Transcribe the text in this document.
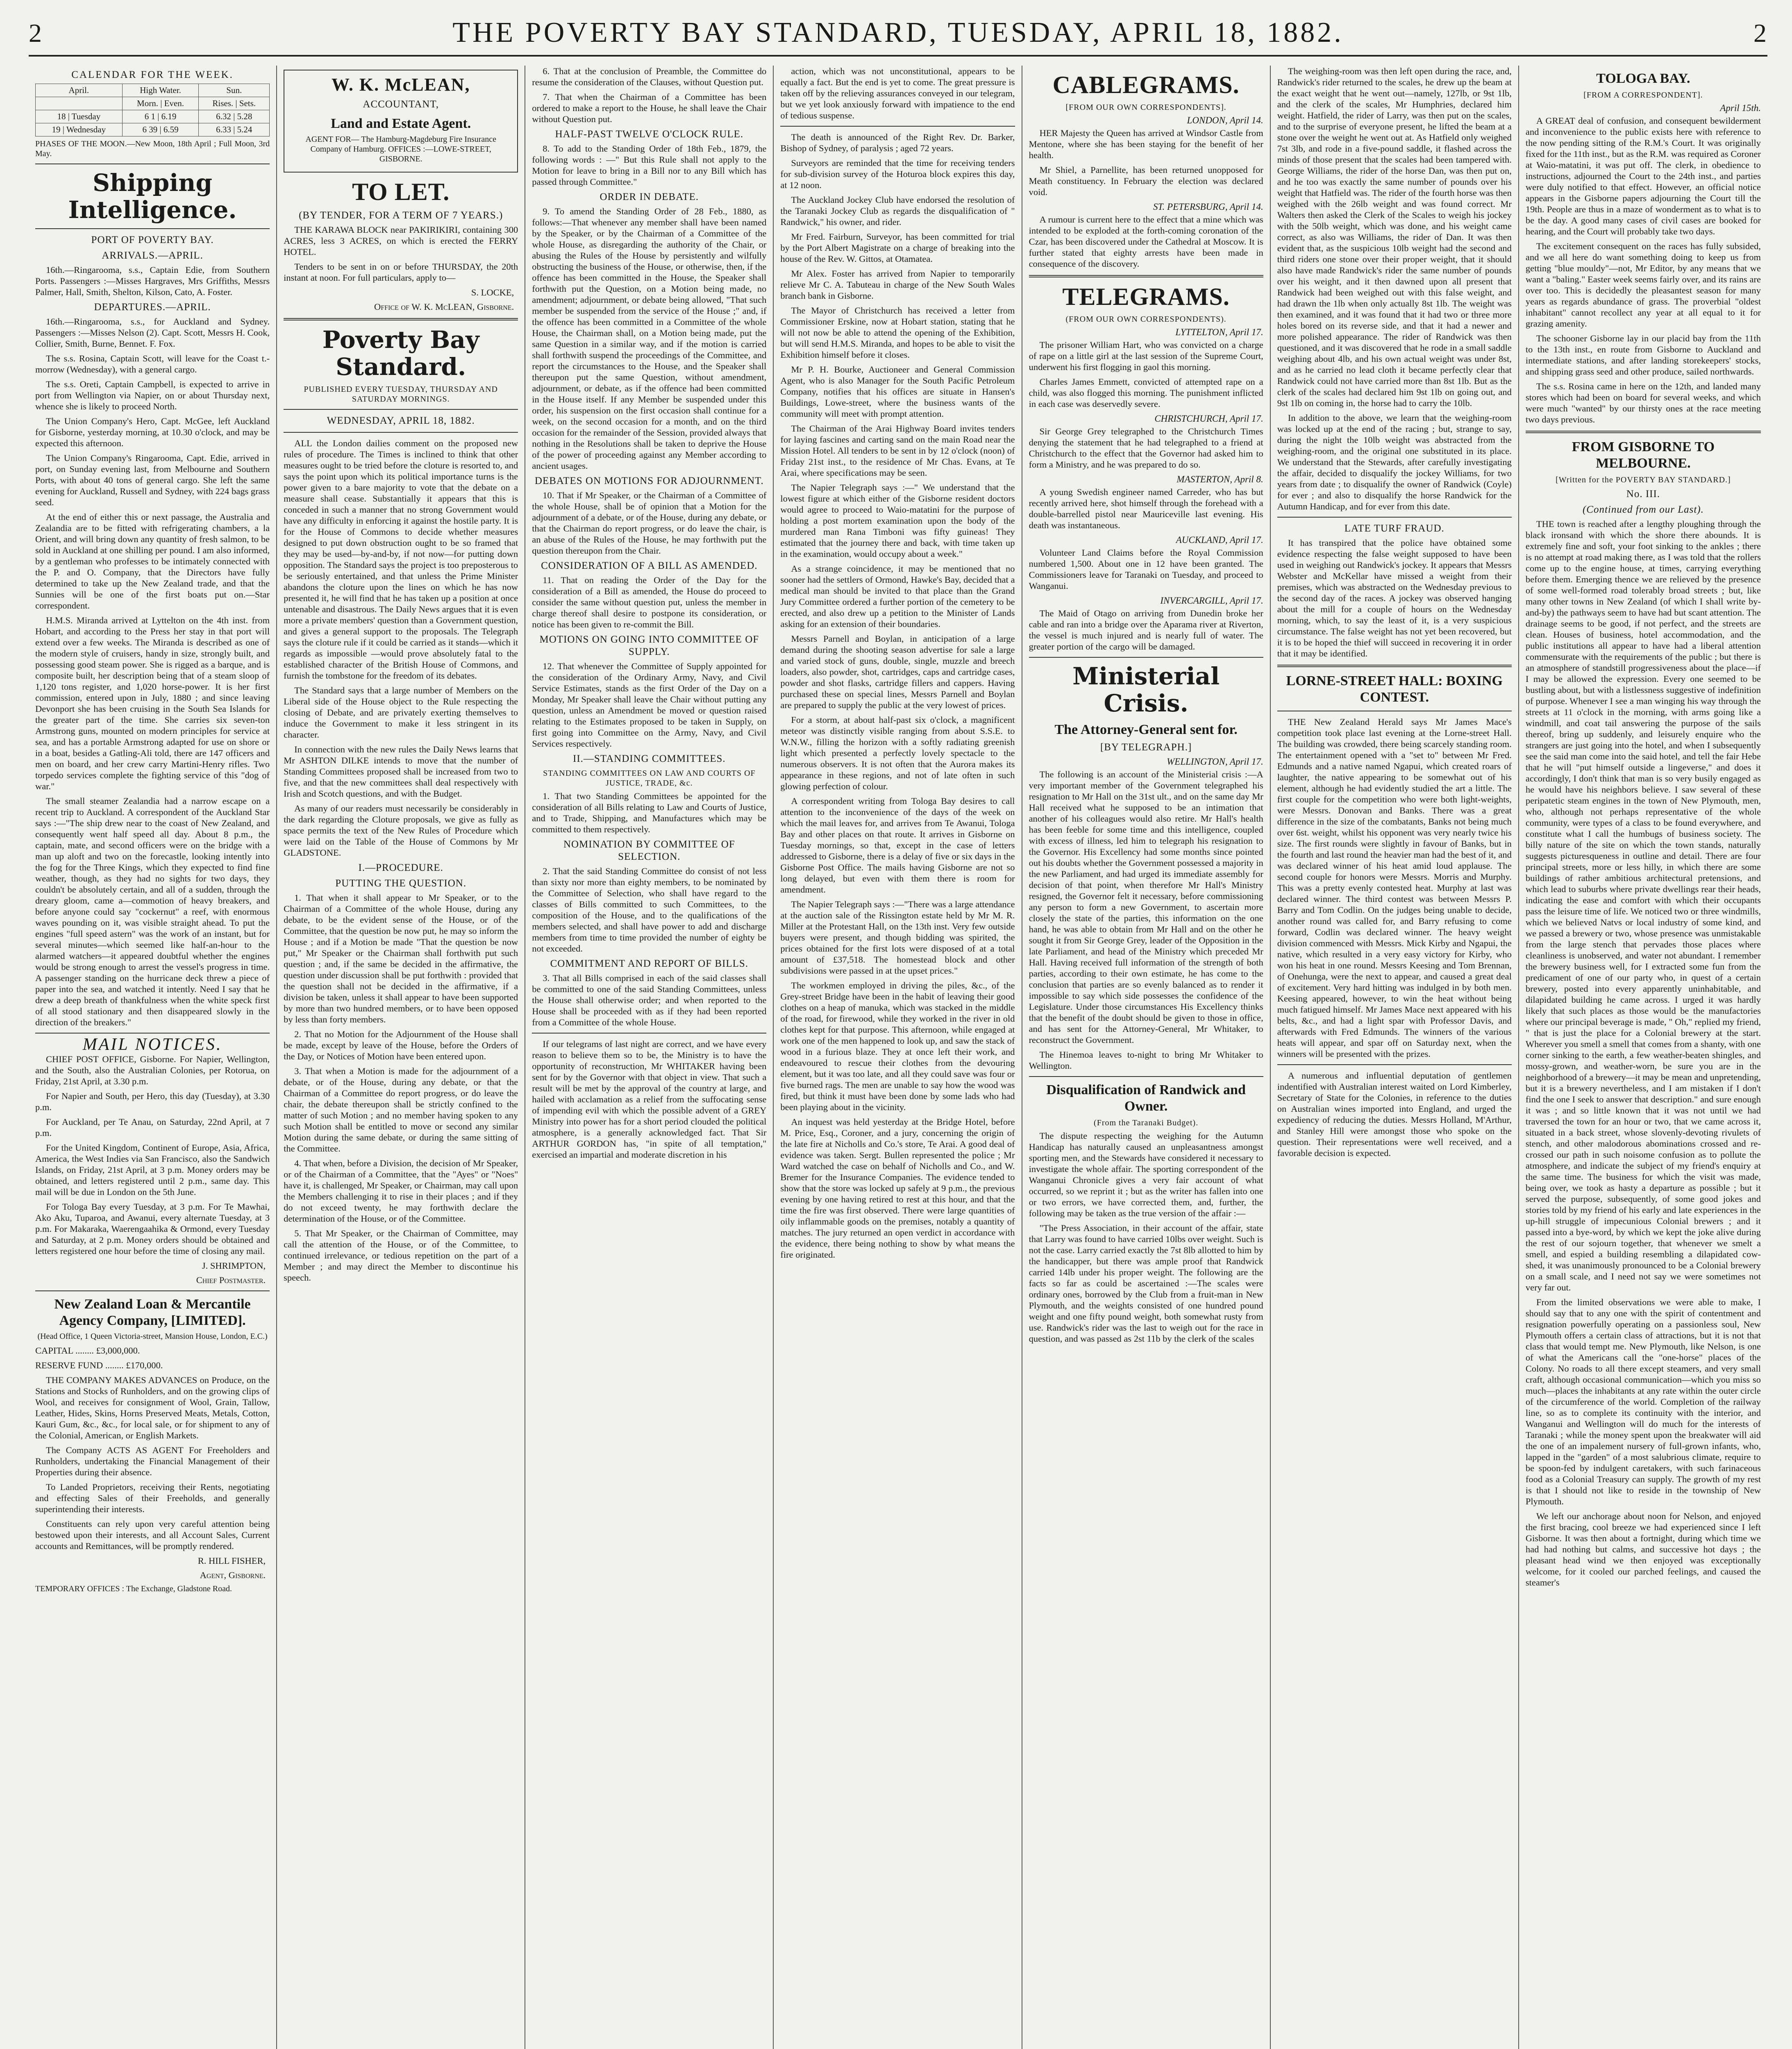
2	THE POVERTY BAY STANDARD, TUESDAY, APRIL 18, 1882.	2
CALENDAR FOR THE WEEK.
April.	High Water.	Sun.
	Morn. | Even.	Rises. | Sets.
18 | Tuesday	6 1 | 6.19	6.32 | 5.28
19 | Wednesday	6 39 | 6.59	6.33 | 5.24

PHASES OF THE MOON.—New Moon, 18th April ; Full Moon, 3rd May.

Shipping Intelligence.
PORT OF POVERTY BAY.
ARRIVALS.—APRIL.

16th.—Ringarooma, s.s., Captain Edie, from Southern Ports. Passengers :—Misses Hargraves, Mrs Griffiths, Messrs Palmer, Hall, Smith, Shelton, Kilson, Cato, A. Foster.

DEPARTURES.—APRIL.

16th.—Ringarooma, s.s., for Auckland and Sydney. Passengers :—Misses Nelson (2). Capt. Scott, Messrs H. Cook, Collier, Smith, Burne, Bennet. F. Fox.

The s.s. Rosina, Captain Scott, will leave for the Coast t.-morrow (Wednesday), with a general cargo.

The s.s. Oreti, Captain Campbell, is expected to arrive in port from Wellington via Napier, on or about Thursday next, whence she is likely to proceed North.

The Union Company's Hero, Capt. McGee, left Auckland for Gisborne, yesterday morning, at 10.30 o'clock, and may be expected this afternoon.

The Union Company's Ringarooma, Capt. Edie, arrived in port, on Sunday evening last, from Melbourne and Southern Ports, with about 40 tons of general cargo. She left the same evening for Auckland, Russell and Sydney, with 224 bags grass seed.

At the end of either this or next passage, the Australia and Zealandia are to be fitted with refrigerating chambers, a la Orient, and will bring down any quantity of fresh salmon, to be sold in Auckland at one shilling per pound. I am also informed, by a gentleman who professes to be intimately connected with the P. and O. Company, that the Directors have fully determined to take up the New Zealand trade, and that the Sunnies will be one of the first boats put on.—Star correspondent.

H.M.S. Miranda arrived at Lyttelton on the 4th inst. from Hobart, and according to the Press her stay in that port will extend over a few weeks. The Miranda is described as one of the modern style of cruisers, handy in size, strongly built, and possessing good steam power. She is rigged as a barque, and is composite built, her description being that of a steam sloop of 1,120 tons register, and 1,020 horse-power. It is her first commission, entered upon in July, 1880 ; and since leaving Devonport she has been cruising in the South Sea Islands for the greater part of the time. She carries six seven-ton Armstrong guns, mounted on modern principles for service at sea, and has a portable Armstrong adapted for use on shore or in a boat, besides a Gatling-Ali told, there are 147 officers and men on board, and her crew carry Martini-Henry rifles. Two torpedo services complete the fighting service of this "dog of war."

The small steamer Zealandia had a narrow escape on a recent trip to Auckland. A correspondent of the Auckland Star says :—"The ship drew near to the coast of New Zealand, and consequently went half speed all day. About 8 p.m., the captain, mate, and second officers were on the bridge with a man up aloft and two on the forecastle, looking intently into the fog for the Three Kings, which they expected to find fine weather, though, as they had no sights for two days, they couldn't be absolutely certain, and all of a sudden, through the dreary gloom, came a—commotion of heavy breakers, and before anyone could say "cockernut" a reef, with enormous waves pounding on it, was visible straight ahead. To put the engines "full speed astern" was the work of an instant, but for several minutes—which seemed like half-an-hour to the alarmed watchers—it appeared doubtful whether the engines would be strong enough to arrest the vessel's progress in time. A passenger standing on the hurricane deck threw a piece of paper into the sea, and watched it intently. Need I say that he drew a deep breath of thankfulness when the white speck first of all stood stationary and then disappeared slowly in the direction of the breakers."

MAIL NOTICES.

CHIEF POST OFFICE, Gisborne. For Napier, Wellington, and the South, also the Australian Colonies, per Rotorua, on Friday, 21st April, at 3.30 p.m.

For Napier and South, per Hero, this day (Tuesday), at 3.30 p.m.

For Auckland, per Te Anau, on Saturday, 22nd April, at 7 p.m.

For the United Kingdom, Continent of Europe, Asia, Africa, America, the West Indies via San Francisco, also the Sandwich Islands, on Friday, 21st April, at 3 p.m. Money orders may be obtained, and letters registered until 2 p.m., same day. This mail will be due in London on the 5th June.

For Tologa Bay every Tuesday, at 3 p.m. For Te Mawhai, Ako Aku, Tuparoa, and Awanui, every alternate Tuesday, at 3 p.m. For Makaraka, Waerengaahika & Ormond, every Tuesday and Saturday, at 2 p.m. Money orders should be obtained and letters registered one hour before the time of closing any mail.

J. SHRIMPTON,
Chief Postmaster.
New Zealand Loan & Mercantile Agency Company, [LIMITED].

(Head Office, 1 Queen Victoria-street, Mansion House, London, E.C.)

CAPITAL ........ £3,000,000.

RESERVE FUND ........ £170,000.

THE COMPANY MAKES ADVANCES on Produce, on the Stations and Stocks of Runholders, and on the growing clips of Wool, and receives for consignment of Wool, Grain, Tallow, Leather, Hides, Skins, Horns Preserved Meats, Metals, Cotton, Kauri Gum, &c., &c., for local sale, or for shipment to any of the Colonial, American, or English Markets.

The Company ACTS AS AGENT For Freeholders and Runholders, undertaking the Financial Management of their Properties during their absence.

To Landed Proprietors, receiving their Rents, negotiating and effecting Sales of their Freeholds, and generally superintending their interests.

Constituents can rely upon very careful attention being bestowed upon their interests, and all Account Sales, Current accounts and Remittances, will be promptly rendered.

R. HILL FISHER,
Agent, Gisborne.

TEMPORARY OFFICES : The Exchange, Gladstone Road.

W. K. McLEAN,
ACCOUNTANT,
Land and Estate Agent.

AGENT FOR— The Hamburg-Magdeburg Fire Insurance Company of Hamburg. OFFICES :—LOWE-STREET, GISBORNE.

TO LET.
(BY TENDER, FOR A TERM OF 7 YEARS.)

THE KARAWA BLOCK near PAKIRIKIRI, containing 300 ACRES, less 3 ACRES, on which is erected the FERRY HOTEL.

Tenders to be sent in on or before THURSDAY, the 20th instant at noon. For full particulars, apply to—

S. LOCKE,
Office of W. K. McLEAN, Gisborne.
Poverty Bay Standard.
PUBLISHED EVERY TUESDAY, THURSDAY AND SATURDAY MORNINGS.
WEDNESDAY, APRIL 18, 1882.

ALL the London dailies comment on the proposed new rules of procedure. The Times is inclined to think that other measures ought to be tried before the cloture is resorted to, and says the point upon which its political importance turns is the power given to a bare majority to vote that the debate on a measure shall cease. Substantially it appears that this is conceded in such a manner that no strong Government would have any difficulty in enforcing it against the hostile party. It is for the House of Commons to decide whether measures designed to put down obstruction ought to be so framed that they may be used—by-and-by, if not now—for putting down opposition. The Standard says the project is too preposterous to be seriously entertained, and that unless the Prime Minister abandons the cloture upon the lines on which he has now presented it, he will find that he has taken up a position at once untenable and disastrous. The Daily News argues that it is even more a private members' question than a Government question, and gives a general support to the proposals. The Telegraph says the cloture rule if it could be carried as it stands—which it regards as impossible —would prove absolutely fatal to the established character of the British House of Commons, and furnish the tombstone for the freedom of its debates.

The Standard says that a large number of Members on the Liberal side of the House object to the Rule respecting the closing of Debate, and are privately exerting themselves to induce the Government to make it less stringent in its character.

In connection with the new rules the Daily News learns that Mr ASHTON DILKE intends to move that the number of Standing Committees proposed shall be increased from two to five, and that the new committees shall deal respectively with Irish and Scotch questions, and with the Budget.

As many of our readers must necessarily be considerably in the dark regarding the Cloture proposals, we give as fully as space permits the text of the New Rules of Procedure which were laid on the Table of the House of Commons by Mr GLADSTONE.

I.—PROCEDURE.
PUTTING THE QUESTION.

1. That when it shall appear to Mr Speaker, or to the Chairman of a Committee of the whole House, during any debate, to be the evident sense of the House, or of the Committee, that the question be now put, he may so inform the House ; and if a Motion be made "That the question be now put," Mr Speaker or the Chairman shall forthwith put such question ; and, if the same be decided in the affirmative, the question under discussion shall be put forthwith : provided that the question shall not be decided in the affirmative, if a division be taken, unless it shall appear to have been supported by more than two hundred members, or to have been opposed by less than forty members.

2. That no Motion for the Adjournment of the House shall be made, except by leave of the House, before the Orders of the Day, or Notices of Motion have been entered upon.

3. That when a Motion is made for the adjournment of a debate, or of the House, during any debate, or that the Chairman of a Committee do report progress, or do leave the chair, the debate thereupon shall be strictly confined to the matter of such Motion ; and no member having spoken to any such Motion shall be entitled to move or second any similar Motion during the same debate, or during the same sitting of the Committee.

4. That when, before a Division, the decision of Mr Speaker, or of the Chairman of a Committee, that the "Ayes" or "Noes" have it, is challenged, Mr Speaker, or Chairman, may call upon the Members challenging it to rise in their places ; and if they do not exceed twenty, he may forthwith declare the determination of the House, or of the Committee.

5. That Mr Speaker, or the Chairman of Committee, may call the attention of the House, or of the Committee, to continued irrelevance, or tedious repetition on the part of a Member ; and may direct the Member to discontinue his speech.

6. That at the conclusion of Preamble, the Committee do resume the consideration of the Clauses, without Question put.

7. That when the Chairman of a Committee has been ordered to make a report to the House, he shall leave the Chair without Question put.

HALF-PAST TWELVE O'CLOCK RULE.

8. To add to the Standing Order of 18th Feb., 1879, the following words : —" But this Rule shall not apply to the Motion for leave to bring in a Bill nor to any Bill which has passed through Committee."

ORDER IN DEBATE.

9. To amend the Standing Order of 28 Feb., 1880, as follows:—That whenever any member shall have been named by the Speaker, or by the Chairman of a Committee of the whole House, as disregarding the authority of the Chair, or abusing the Rules of the House by persistently and wilfully obstructing the business of the House, or otherwise, then, if the offence has been committed in the House, the Speaker shall forthwith put the Question, on a Motion being made, no amendment; adjournment, or debate being allowed, "That such member be suspended from the service of the House ;" and, if the offence has been committed in a Committee of the whole House, the Chairman shall, on a Motion being made, put the same Question in a similar way, and if the motion is carried shall forthwith suspend the proceedings of the Committee, and report the circumstances to the House, and the Speaker shall thereupon put the same Question, without amendment, adjournment, or debate, as if the offence had been committed in the House itself. If any Member be suspended under this order, his suspension on the first occasion shall continue for a week, on the second occasion for a month, and on the third occasion for the remainder of the Session, provided always that nothing in the Resolutions shall be taken to deprive the House of the power of proceeding against any Member according to ancient usages.

DEBATES ON MOTIONS FOR ADJOURNMENT.

10. That if Mr Speaker, or the Chairman of a Committee of the whole House, shall be of opinion that a Motion for the adjournment of a debate, or of the House, during any debate, or that the Chairman do report progress, or do leave the chair, is an abuse of the Rules of the House, he may forthwith put the question thereupon from the Chair.

CONSIDERATION OF A BILL AS AMENDED.

11. That on reading the Order of the Day for the consideration of a Bill as amended, the House do proceed to consider the same without question put, unless the member in charge thereof shall desire to postpone its consideration, or notice has been given to re-commit the Bill.

MOTIONS ON GOING INTO COMMITTEE OF SUPPLY.

12. That whenever the Committee of Supply appointed for the consideration of the Ordinary Army, Navy, and Civil Service Estimates, stands as the first Order of the Day on a Monday, Mr Speaker shall leave the Chair without putting any question, unless an Amendment be moved or question raised relating to the Estimates proposed to be taken in Supply, on first going into Committee on the Army, Navy, and Civil Services respectively.

II.—STANDING COMMITTEES.
STANDING COMMITTEES ON LAW AND COURTS OF JUSTICE, TRADE, &c.

1. That two Standing Committees be appointed for the consideration of all Bills relating to Law and Courts of Justice, and to Trade, Shipping, and Manufactures which may be committed to them respectively.

NOMINATION BY COMMITTEE OF SELECTION.

2. That the said Standing Committee do consist of not less than sixty nor more than eighty members, to be nominated by the Committee of Selection, who shall have regard to the classes of Bills committed to such Committees, to the composition of the House, and to the qualifications of the members selected, and shall have power to add and discharge members from time to time provided the number of eighty be not exceeded.

COMMITMENT AND REPORT OF BILLS.

3. That all Bills comprised in each of the said classes shall be committed to one of the said Standing Committees, unless the House shall otherwise order; and when reported to the House shall be proceeded with as if they had been reported from a Committee of the whole House.

If our telegrams of last night are correct, and we have every reason to believe them so to be, the Ministry is to have the opportunity of reconstruction, Mr WHITAKER having been sent for by the Governor with that object in view. That such a result will be met by the approval of the country at large, and hailed with acclamation as a relief from the suffocating sense of impending evil with which the possible advent of a GREY Ministry into power has for a short period clouded the political atmosphere, is a generally acknowledged fact. That Sir ARTHUR GORDON has, "in spite of all temptation," exercised an impartial and moderate discretion in his

action, which was not unconstitutional, appears to be equally a fact. But the end is yet to come. The great pressure is taken off by the relieving assurances conveyed in our telegram, but we yet look anxiously forward with impatience to the end of tedious suspense.

The death is announced of the Right Rev. Dr. Barker, Bishop of Sydney, of paralysis ; aged 72 years.

Surveyors are reminded that the time for receiving tenders for sub-division survey of the Hoturoa block expires this day, at 12 noon.

The Auckland Jockey Club have endorsed the resolution of the Taranaki Jockey Club as regards the disqualification of " Randwick," his owner, and rider.

Mr Fred. Fairburn, Surveyor, has been committed for trial by the Port Albert Magistrate on a charge of breaking into the house of the Rev. W. Gittos, at Otamatea.

Mr Alex. Foster has arrived from Napier to temporarily relieve Mr C. A. Tabuteau in charge of the New South Wales branch bank in Gisborne.

The Mayor of Christchurch has received a letter from Commissioner Erskine, now at Hobart station, stating that he will not now be able to attend the opening of the Exhibition, but will send H.M.S. Miranda, and hopes to be able to visit the Exhibition himself before it closes.

Mr P. H. Bourke, Auctioneer and General Commission Agent, who is also Manager for the South Pacific Petroleum Company, notifies that his offices are situate in Hansen's Buildings, Lowe-street, where the business wants of the community will meet with prompt attention.

The Chairman of the Arai Highway Board invites tenders for laying fascines and carting sand on the main Road near the Mission Hotel. All tenders to be sent in by 12 o'clock (noon) of Friday 21st inst., to the residence of Mr Chas. Evans, at Te Arai, where specifications may be seen.

The Napier Telegraph says :—" We understand that the lowest figure at which either of the Gisborne resident doctors would agree to proceed to Waio-matatini for the purpose of holding a post mortem examination upon the body of the murdered man Rana Timboni was fifty guineas! They estimated that the journey there and back, with time taken up in the examination, would occupy about a week."

As a strange coincidence, it may be mentioned that no sooner had the settlers of Ormond, Hawke's Bay, decided that a medical man should be invited to that place than the Grand Jury Committee ordered a further portion of the cemetery to be erected, and also drew up a petition to the Minister of Lands asking for an extension of their boundaries.

Messrs Parnell and Boylan, in anticipation of a large demand during the shooting season advertise for sale a large and varied stock of guns, double, single, muzzle and breech loaders, also powder, shot, cartridges, caps and cartridge cases, powder and shot flasks, cartridge fillers and cappers. Having purchased these on special lines, Messrs Parnell and Boylan are prepared to supply the public at the very lowest of prices.

For a storm, at about half-past six o'clock, a magnificent meteor was distinctly visible ranging from about S.S.E. to W.N.W., filling the horizon with a softly radiating greenish light which presented a perfectly lovely spectacle to the numerous observers. It is not often that the Aurora makes its appearance in these regions, and not of late often in such glowing perfection of colour.

A correspondent writing from Tologa Bay desires to call attention to the inconvenience of the days of the week on which the mail leaves for, and arrives from Te Awanui, Tologa Bay and other places on that route. It arrives in Gisborne on Tuesday mornings, so that, except in the case of letters addressed to Gisborne, there is a delay of five or six days in the Gisborne Post Office. The mails having Gisborne are not so long delayed, but even with them there is room for amendment.

The Napier Telegraph says :—"There was a large attendance at the auction sale of the Rissington estate held by Mr M. R. Miller at the Protestant Hall, on the 13th inst. Very few outside buyers were present, and though bidding was spirited, the prices obtained for the first lots were disposed of at a total amount of £37,518. The homestead block and other subdivisions were passed in at the upset prices."

The workmen employed in driving the piles, &c., of the Grey-street Bridge have been in the habit of leaving their good clothes on a heap of manuka, which was stacked in the middle of the road, for firewood, while they worked in the river in old clothes kept for that purpose. This afternoon, while engaged at work one of the men happened to look up, and saw the stack of wood in a furious blaze. They at once left their work, and endeavoured to rescue their clothes from the devouring element, but it was too late, and all they could save was four or five burned rags. The men are unable to say how the wood was fired, but think it must have been done by some lads who had been playing about in the vicinity.

An inquest was held yesterday at the Bridge Hotel, before M. Price, Esq., Coroner, and a jury, concerning the origin of the late fire at Nicholls and Co.'s store, Te Arai. A good deal of evidence was taken. Sergt. Bullen represented the police ; Mr Ward watched the case on behalf of Nicholls and Co., and W. Bremer for the Insurance Companies. The evidence tended to show that the store was locked up safely at 9 p.m., the previous evening by one having retired to rest at this hour, and that the time the fire was first observed. There were large quantities of oily inflammable goods on the premises, notably a quantity of matches. The jury returned an open verdict in accordance with the evidence, there being nothing to show by what means the fire originated.

CABLEGRAMS.
[FROM OUR OWN CORRESPONDENTS].
LONDON, April 14.

HER Majesty the Queen has arrived at Windsor Castle from Mentone, where she has been staying for the benefit of her health.

Mr Shiel, a Parnellite, has been returned unopposed for Meath constituency. In February the election was declared void.

ST. PETERSBURG, April 14.

A rumour is current here to the effect that a mine which was intended to be exploded at the forth-coming coronation of the Czar, has been discovered under the Cathedral at Moscow. It is further stated that eighty arrests have been made in consequence of the discovery.

TELEGRAMS.
(FROM OUR OWN CORRESPONDENTS).
LYTTELTON, April 17.

The prisoner William Hart, who was convicted on a charge of rape on a little girl at the last session of the Supreme Court, underwent his first flogging in gaol this morning.

Charles James Emmett, convicted of attempted rape on a child, was also flogged this morning. The punishment inflicted in each case was deservedly severe.

CHRISTCHURCH, April 17.

Sir George Grey telegraphed to the Christchurch Times denying the statement that he had telegraphed to a friend at Christchurch to the effect that the Governor had asked him to form a Ministry, and he was prepared to do so.

MASTERTON, April 8.

A young Swedish engineer named Carreder, who has but recently arrived here, shot himself through the forehead with a double-barrelled pistol near Mauriceville last evening. His death was instantaneous.

AUCKLAND, April 17.

Volunteer Land Claims before the Royal Commission numbered 1,500. About one in 12 have been granted. The Commissioners leave for Taranaki on Tuesday, and proceed to Wanganui.

INVERCARGILL, April 17.

The Maid of Otago on arriving from Dunedin broke her cable and ran into a bridge over the Aparama river at Riverton, the vessel is much injured and is nearly full of water. The greater portion of the cargo will be damaged.

Ministerial Crisis.
The Attorney-General sent for.
[BY TELEGRAPH.]
WELLINGTON, April 17.

The following is an account of the Ministerial crisis :—A very important member of the Government telegraphed his resignation to Mr Hall on the 31st ult., and on the same day Mr Hall received what he supposed to be an intimation that another of his colleagues would also retire. Mr Hall's health has been feeble for some time and this intelligence, coupled with excess of illness, led him to telegraph his resignation to the Governor. His Excellency had some months since pointed out his doubts whether the Government possessed a majority in the new Parliament, and had urged its immediate assembly for decision of that point, when therefore Mr Hall's Ministry resigned, the Governor felt it necessary, before commissioning any person to form a new Government, to ascertain more closely the state of the parties, this information on the one hand, he was able to obtain from Mr Hall and on the other he sought it from Sir George Grey, leader of the Opposition in the late Parliament, and head of the Ministry which preceded Mr Hall. Having received full information of the strength of both parties, according to their own estimate, he has come to the conclusion that parties are so evenly balanced as to render it impossible to say which side possesses the confidence of the Legislature. Under those circumstances His Excellency thinks that the benefit of the doubt should be given to those in office, and has sent for the Attorney-General, Mr Whitaker, to reconstruct the Government.

The Hinemoa leaves to-night to bring Mr Whitaker to Wellington.

Disqualification of Randwick and Owner.
(From the Taranaki Budget).

The dispute respecting the weighing for the Autumn Handicap has naturally caused an unpleasantness amongst sporting men, and the Stewards have considered it necessary to investigate the whole affair. The sporting correspondent of the Wanganui Chronicle gives a very fair account of what occurred, so we reprint it ; but as the writer has fallen into one or two errors, we have corrected them, and, further, the following may be taken as the true version of the affair :—

"The Press Association, in their account of the affair, state that Larry was found to have carried 10lbs over weight. Such is not the case. Larry carried exactly the 7st 8lb allotted to him by the handicapper, but there was ample proof that Randwick carried 14lb under his proper weight. The following are the facts so far as could be ascertained :—The scales were ordinary ones, borrowed by the Club from a fruit-man in New Plymouth, and the weights consisted of one hundred pound weight and one fifty pound weight, both somewhat rusty from use. Randwick's rider was the last to weigh out for the race in question, and was passed as 2st 11b by the clerk of the scales

The weighing-room was then left open during the race, and, Randwick's rider returned to the scales, he drew up the beam at the exact weight that he went out—namely, 127lb, or 9st 1lb, and the clerk of the scales, Mr Humphries, declared him weight. Hatfield, the rider of Larry, was then put on the scales, and to the surprise of everyone present, he lifted the beam at a stone over the weight he went out at. As Hatfield only weighed 7st 3lb, and rode in a five-pound saddle, it flashed across the minds of those present that the scales had been tampered with. George Williams, the rider of the horse Dan, was then put on, and he too was exactly the same number of pounds over his weight that Hatfield was. The rider of the fourth horse was then weighed with the 26lb weight and was found correct. Mr Walters then asked the Clerk of the Scales to weigh his jockey with the 50lb weight, which was done, and his weight came correct, as also was Williams, the rider of Dan. It was then evident that, as the suspicious 10lb weight had the second and third riders one stone over their proper weight, that it should also have made Randwick's rider the same number of pounds over his weight, and it then dawned upon all present that Randwick had been weighed out with this false weight, and had drawn the 1lb when only actually 8st 1lb. The weight was then examined, and it was found that it had two or three more holes bored on its reverse side, and that it had a newer and more polished appearance. The rider of Randwick was then questioned, and it was discovered that he rode in a small saddle weighing about 4lb, and his own actual weight was under 8st, and as he carried no lead cloth it became perfectly clear that Randwick could not have carried more than 8st 1lb. But as the clerk of the scales had declared him 9st 1lb on going out, and 9st 1lb on coming in, the horse had to carry the 10lb.

In addition to the above, we learn that the weighing-room was locked up at the end of the racing ; but, strange to say, during the night the 10lb weight was abstracted from the weighing-room, and the original one substituted in its place. We understand that the Stewards, after carefully investigating the affair, decided to disqualify the jockey Williams, for two years from date ; to disqualify the owner of Randwick (Coyle) for ever ; and also to disqualify the horse Randwick for the Autumn Handicap, and for ever from this date.

LATE TURF FRAUD.

It has transpired that the police have obtained some evidence respecting the false weight supposed to have been used in weighing out Randwick's jockey. It appears that Messrs Webster and McKellar have missed a weight from their premises, which was abstracted on the Wednesday previous to the second day of the races. A jockey was observed hanging about the mill for a couple of hours on the Wednesday morning, which, to say the least of it, is a very suspicious circumstance. The false weight has not yet been recovered, but it is to be hoped the thief will succeed in recovering it in order that it may be identified.

LORNE-STREET HALL: BOXING CONTEST.

THE New Zealand Herald says Mr James Mace's competition took place last evening at the Lorne-street Hall. The building was crowded, there being scarcely standing room. The entertainment opened with a "set to" between Mr Fred. Edmunds and a native named Ngapui, which created roars of laughter, the native appearing to be somewhat out of his element, although he had evidently studied the art a little. The first couple for the competition who were both light-weights, were Messrs. Donovan and Banks. There was a great difference in the size of the combatants, Banks not being much over 6st. weight, whilst his opponent was very nearly twice his size. The first rounds were slightly in favour of Banks, but in the fourth and last round the heavier man had the best of it, and was declared winner of his heat amid loud applause. The second couple for honors were Messrs. Morris and Murphy. This was a pretty evenly contested heat. Murphy at last was declared winner. The third contest was between Messrs P. Barry and Tom Codlin. On the judges being unable to decide, another round was called for, and Barry refusing to come forward, Codlin was declared winner. The heavy weight division commenced with Messrs. Mick Kirby and Ngapui, the native, which resulted in a very easy victory for Kirby, who won his heat in one round. Messrs Keesing and Tom Brennan, of Onehunga, were the next to appear, and caused a great deal of excitement. Very hard hitting was indulged in by both men. Keesing appeared, however, to win the heat without being much fatigued himself. Mr James Mace next appeared with his belts, &c., and had a light spar with Professor Davis, and afterwards with Fred Edmunds. The winners of the various heats will appear, and spar off on Saturday next, when the winners will be presented with the prizes.

A numerous and influential deputation of gentlemen indentified with Australian interest waited on Lord Kimberley, Secretary of State for the Colonies, in reference to the duties on Australian wines imported into England, and urged the expediency of reducing the duties. Messrs Holland, M'Arthur, and Stanley Hill were amongst those who spoke on the question. Their representations were well received, and a favorable decision is expected.

TOLOGA BAY.
[FROM A CORRESPONDENT].
April 15th.

A GREAT deal of confusion, and consequent bewilderment and inconvenience to the public exists here with reference to the now pending sitting of the R.M.'s Court. It was originally fixed for the 11th inst., but as the R.M. was required as Coroner at Waio-matatini, it was put off. The clerk, in obedience to instructions, adjourned the Court to the 24th inst., and parties were duly notified to that effect. However, an official notice appears in the Gisborne papers adjourning the Court till the 19th. People are thus in a maze of wonderment as to what is to be the day. A good many cases of civil cases are booked for hearing, and the Court will probably take two days.

The excitement consequent on the races has fully subsided, and we all here do want something doing to keep us from getting "blue mouldy"—not, Mr Editor, by any means that we want a "baling." Easter week seems fairly over, and its rains are over too. This is decidedly the pleasantest season for many years as regards abundance of grass. The proverbial "oldest inhabitant" cannot recollect any year at all equal to it for grazing amenity.

The schooner Gisborne lay in our placid bay from the 11th to the 13th inst., en route from Gisborne to Auckland and intermediate stations, and after landing storekeepers' stocks, and shipping grass seed and other produce, sailed northwards.

The s.s. Rosina came in here on the 12th, and landed many stores which had been on board for several weeks, and which were much "wanted" by our thirsty ones at the race meeting two days previous.

FROM GISBORNE TO MELBOURNE.
[Written for the POVERTY BAY STANDARD.]
No. III.
(Continued from our Last).

THE town is reached after a lengthy ploughing through the black ironsand with which the shore there abounds. It is extremely fine and soft, your foot sinking to the ankles ; there is no attempt at road making there, as I was told that the rollers come up to the engine house, at times, carrying everything before them. Emerging thence we are relieved by the presence of some well-formed road tolerably broad streets ; but, like many other towns in New Zealand (of which I shall write by-and-by) the pathways seem to have had but scant attention. The drainage seems to be good, if not perfect, and the streets are clean. Houses of business, hotel accommodation, and the public institutions all appear to have had a liberal attention commensurate with the requirements of the public ; but there is an atmosphere of standstill progressiveness about the place—if I may be allowed the expression. Every one seemed to be bustling about, but with a listlessness suggestive of indefinition of purpose. Whenever I see a man winging his way through the streets at 11 o'clock in the morning, with arms going like a windmill, and coat tail answering the purpose of the sails thereof, bring up suddenly, and leisurely enquire who the strangers are just going into the hotel, and when I subsequently see the said man come into the said hotel, and tell the fair Hebe that he will "put himself outside a lingeverse," and does it accordingly, I don't think that man is so very busily engaged as he would have his neighbors believe. I saw several of these peripatetic steam engines in the town of New Plymouth, men, who, although not perhaps representative of the whole community, were types of a class to be found everywhere, and constitute what I call the humbugs of business society. The billy nature of the site on which the town stands, naturally suggests picturesqueness in outline and detail. There are four principal streets, more or less hilly, in which there are some buildings of rather ambitious architectural pretensions, and which lead to suburbs where private dwellings rear their heads, indicating the ease and comfort with which their occupants pass the leisure time of life. We noticed two or three windmills, which we believed Natvs or local industry of some kind, and we passed a brewery or two, whose presence was unmistakable from the large stench that pervades those places where cleanliness is unobserved, and water not abundant. I remember the brewery business well, for I extracted some fun from the predicament of one of our party who, in quest of a certain brewery, posted into every apparently uninhabitable, and dilapidated building he came across. I urged it was hardly likely that such places as those would be the manufactories where our principal beverage is made, " Oh," replied my friend, " that is just the place for a Colonial brewery at the start. Wherever you smell a smell that comes from a shanty, with one corner sinking to the earth, a few weather-beaten shingles, and mossy-grown, and weather-worn, be sure you are in the neighborhood of a brewery—it may be mean and unpretending, but it is a brewery nevertheless, and I am mistaken if I don't find the one I seek to answer that description." and sure enough it was ; and so little known that it was not until we had traversed the town for an hour or two, that we came across it, situated in a back street, whose slovenly-devoting rivulets of stench, and other malodorous abominations crossed and re-crossed our path in such noisome confusion as to pollute the atmosphere, and indicate the subject of my friend's enquiry at the same time. The business for which the visit was made, being over, we took as hasty a departure as possible ; but it served the purpose, subsequently, of some good jokes and stories told by my friend of his early and late experiences in the up-hill struggle of impecunious Colonial brewers ; and it passed into a bye-word, by which we kept the joke alive during the rest of our sojourn together, that whenever we smelt a smell, and espied a building resembling a dilapidated cow-shed, it was unanimously pronounced to be a Colonial brewery on a small scale, and I need not say we were sometimes not very far out.

From the limited observations we were able to make, I should say that to any one with the spirit of contentment and resignation powerfully operating on a passionless soul, New Plymouth offers a certain class of attractions, but it is not that class that would tempt me. New Plymouth, like Nelson, is one of what the Americans call the "one-horse" places of the Colony. No roads to all there except steamers, and very small craft, although occasional communication—which you miss so much—places the inhabitants at any rate within the outer circle of the circumference of the world. Completion of the railway line, so as to complete its continuity with the interior, and Wanganui and Wellington will do much for the interests of Taranaki ; while the money spent upon the breakwater will aid the one of an impalement nursery of full-grown infants, who, lapped in the "garden" of a most salubrious climate, require to be spoon-fed by indulgent caretakers, with such farinaceous food as a Colonial Treasury can supply. The growth of my rest is that I should not like to reside in the township of New Plymouth.

We left our anchorage about noon for Nelson, and enjoyed the first bracing, cool breeze we had experienced since I left Gisborne. It was then about a fortnight, during which time we had had nothing but calms, and successive hot days ; the pleasant head wind we then enjoyed was exceptionally welcome, for it cooled our parched feelings, and caused the steamer's
